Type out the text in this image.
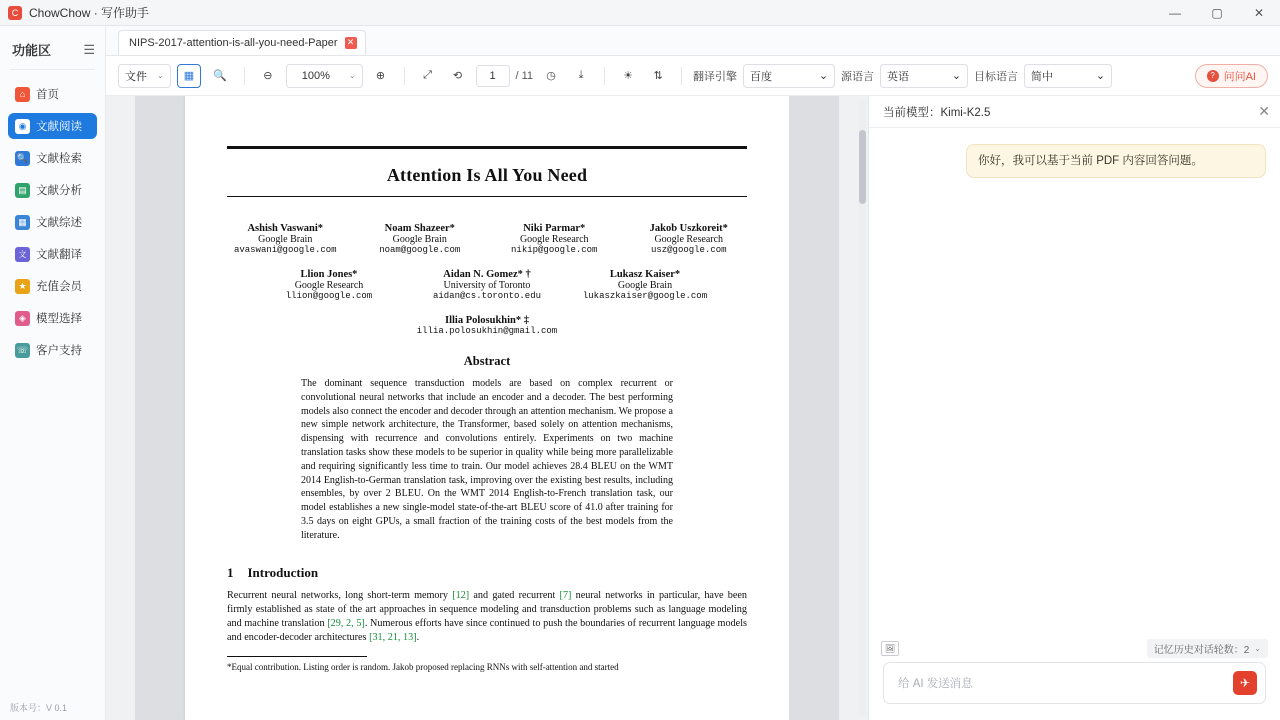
C ChowChow · 写作助手	—	▢	✕
功能区 ☰
⌂ 首页
◉ 文献阅读
🔍 文献检索
▤ 文献分析
▦ 文献综述
文 文献翻译
★ 充值会员
◈ 模型选择
☏ 客户支持
版本号：V 0.1
NIPS-2017-attention-is-all-you-need-Paper ✕
文件 ⌄	▦	🔍	⊖	100%	⌄	⊕	⤢	⟲	1	/ 11	◷	⤓	☀	⇅	翻译引擎 百度	⌄ 源语言 英语	⌄ 目标语言 简中	⌄	? 问问AI
Attention Is All You Need
Ashish Vaswani*
Google Brain
avaswani@google.com
Noam Shazeer*
Google Brain
noam@google.com
Niki Parmar*
Google Research
nikip@google.com
Jakob Uszkoreit*
Google Research
usz@google.com
Llion Jones*
Google Research
llion@google.com
Aidan N. Gomez* †
University of Toronto
aidan@cs.toronto.edu
Lukasz Kaiser*
Google Brain
lukaszkaiser@google.com
Illia Polosukhin* ‡
illia.polosukhin@gmail.com
Abstract
The dominant sequence transduction models are based on complex recurrent or convolutional neural networks that include an encoder and a decoder. The best performing models also connect the encoder and decoder through an attention mechanism. We propose a new simple network architecture, the Transformer, based solely on attention mechanisms, dispensing with recurrence and convolutions entirely. Experiments on two machine translation tasks show these models to be superior in quality while being more parallelizable and requiring significantly less time to train. Our model achieves 28.4 BLEU on the WMT 2014 English-to-German translation task, improving over the existing best results, including ensembles, by over 2 BLEU. On the WMT 2014 English-to-French translation task, our model establishes a new single-model state-of-the-art BLEU score of 41.0 after training for 3.5 days on eight GPUs, a small fraction of the training costs of the best models from the literature.
1 Introduction
Recurrent neural networks, long short-term memory [12] and gated recurrent [7] neural networks in particular, have been firmly established as state of the art approaches in sequence modeling and transduction problems such as language modeling and machine translation [29, 2, 5]. Numerous efforts have since continued to push the boundaries of recurrent language models and encoder-decoder architectures [31, 21, 13].
*Equal contribution. Listing order is random. Jakob proposed replacing RNNs with self-attention and started
当前模型：Kimi-K2.5	✕
你好，我可以基于当前 PDF 内容回答问题。
🖼	记忆历史对话轮数：2 ⌄
给 AI 发送消息	✈
